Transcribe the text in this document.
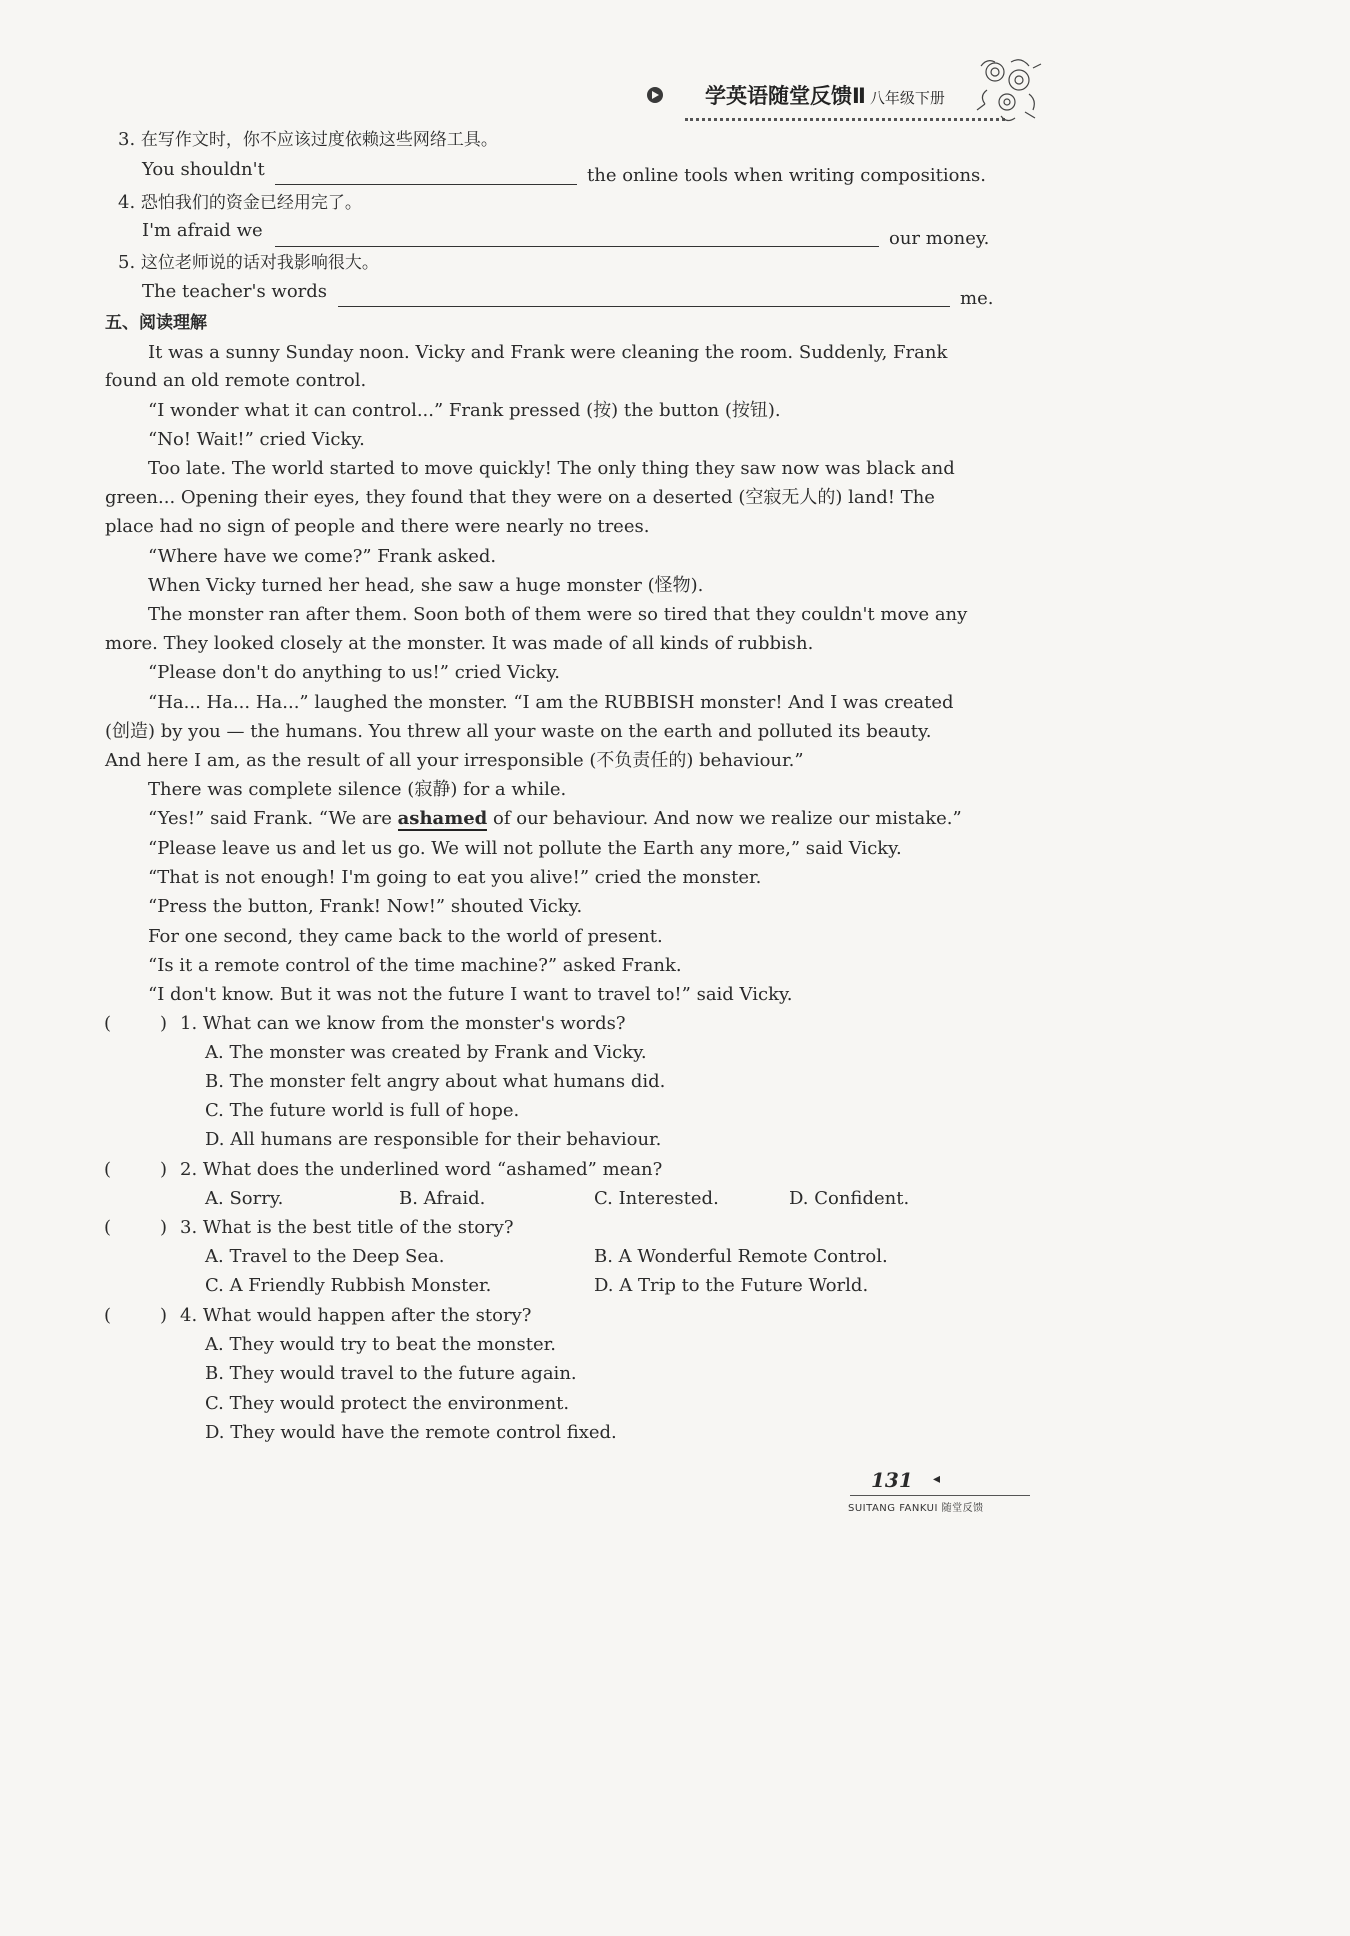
学英语随堂反馈Ⅱ 八年级下册
3. 在写作文时，你不应该过度依赖这些网络工具。
You shouldn't	the online tools when writing compositions.
4. 恐怕我们的资金已经用完了。
I'm afraid we	our money.
5. 这位老师说的话对我影响很大。
The teacher's words	me.
五、阅读理解
It was a sunny Sunday noon. Vicky and Frank were cleaning the room. Suddenly, Frank
found an old remote control.
“I wonder what it can control...” Frank pressed (按) the button (按钮).
“No! Wait!” cried Vicky.
Too late. The world started to move quickly! The only thing they saw now was black and
green... Opening their eyes, they found that they were on a deserted (空寂无人的) land! The
place had no sign of people and there were nearly no trees.
“Where have we come?” Frank asked.
When Vicky turned her head, she saw a huge monster (怪物).
The monster ran after them. Soon both of them were so tired that they couldn't move any
more. They looked closely at the monster. It was made of all kinds of rubbish.
“Please don't do anything to us!” cried Vicky.
“Ha... Ha... Ha...” laughed the monster. “I am the RUBBISH monster! And I was created
(创造) by you — the humans. You threw all your waste on the earth and polluted its beauty.
And here I am, as the result of all your irresponsible (不负责任的) behaviour.”
There was complete silence (寂静) for a while.
“Yes!” said Frank. “We are ashamed of our behaviour. And now we realize our mistake.”
“Please leave us and let us go. We will not pollute the Earth any more,” said Vicky.
“That is not enough! I'm going to eat you alive!” cried the monster.
“Press the button, Frank! Now!” shouted Vicky.
For one second, they came back to the world of present.
“Is it a remote control of the time machine?” asked Frank.
“I don't know. But it was not the future I want to travel to!” said Vicky.
(	) 1. What can we know from the monster's words?
A. The monster was created by Frank and Vicky.
B. The monster felt angry about what humans did.
C. The future world is full of hope.
D. All humans are responsible for their behaviour.
(	) 2. What does the underlined word “ashamed” mean?
A. Sorry.	B. Afraid.	C. Interested.	D. Confident.
(	) 3. What is the best title of the story?
A. Travel to the Deep Sea.	B. A Wonderful Remote Control.
C. A Friendly Rubbish Monster.	D. A Trip to the Future World.
(	) 4. What would happen after the story?
A. They would try to beat the monster.
B. They would travel to the future again.
C. They would protect the environment.
D. They would have the remote control fixed.
131 ◂
SUITANG FANKUI 随堂反馈
